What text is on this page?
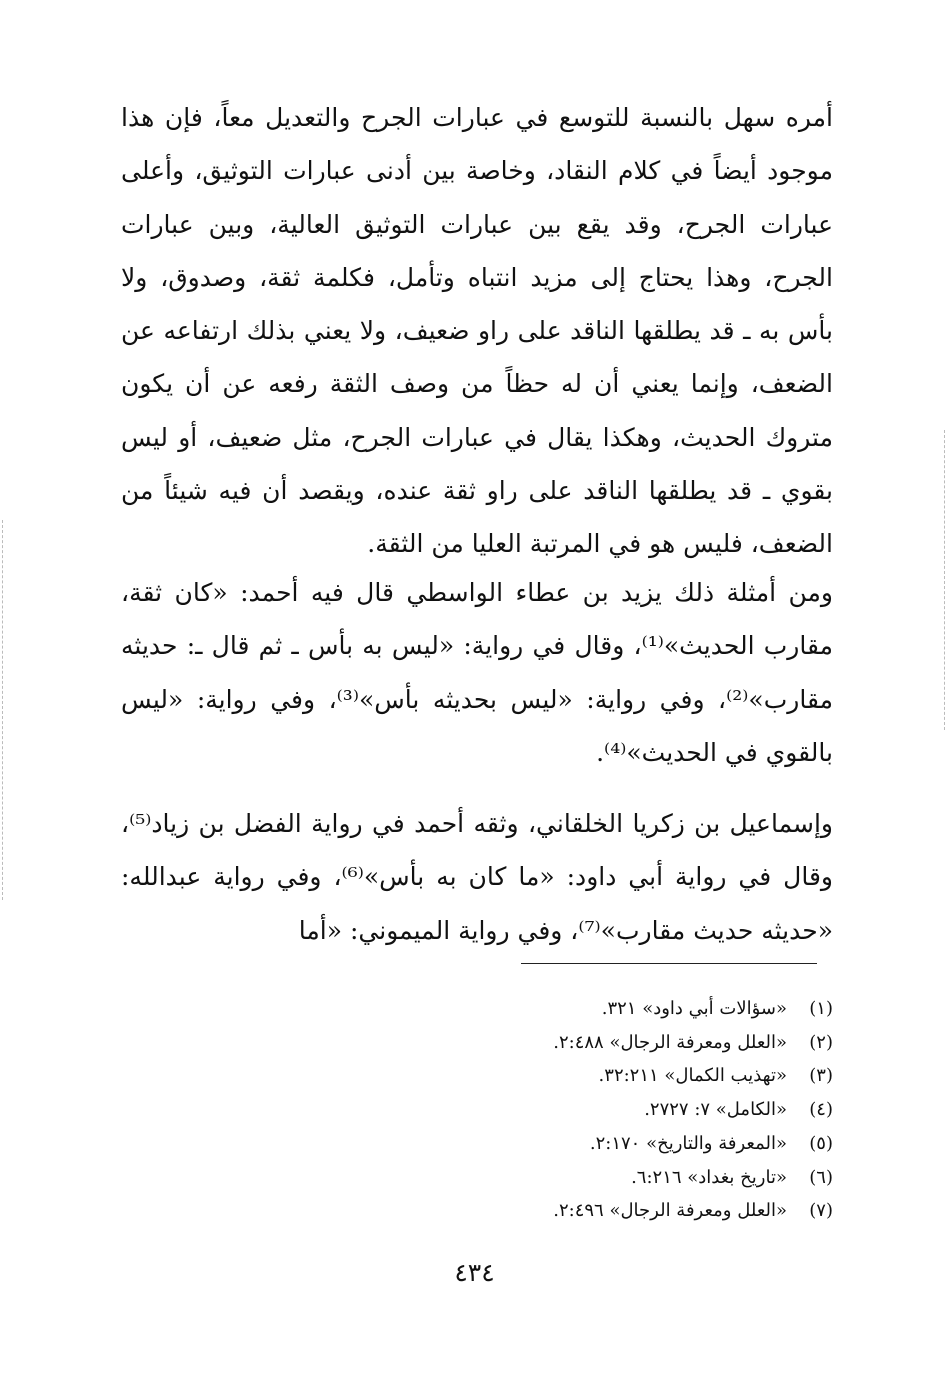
أمره سهل بالنسبة للتوسع في عبارات الجرح والتعديل معاً، فإن هذا موجود أيضاً في كلام النقاد، وخاصة بين أدنى عبارات التوثيق، وأعلى عبارات الجرح، وقد يقع بين عبارات التوثيق العالية، وبين عبارات الجرح، وهذا يحتاج إلى مزيد انتباه وتأمل، فكلمة ثقة، وصدوق، ولا بأس به ـ قد يطلقها الناقد على راو ضعيف، ولا يعني بذلك ارتفاعه عن الضعف، وإنما يعني أن له حظاً من وصف الثقة رفعه عن أن يكون متروك الحديث، وهكذا يقال في عبارات الجرح، مثل ضعيف، أو ليس بقوي ـ قد يطلقها الناقد على راو ثقة عنده، ويقصد أن فيه شيئاً من الضعف، فليس هو في المرتبة العليا من الثقة.

ومن أمثلة ذلك يزيد بن عطاء الواسطي قال فيه أحمد: «كان ثقة، مقارب الحديث»⁽¹⁾، وقال في رواية: «ليس به بأس ـ ثم قال ـ: حديثه مقارب»⁽²⁾، وفي رواية: «ليس بحديثه بأس»⁽³⁾، وفي رواية: «ليس بالقوي في الحديث»⁽⁴⁾.

وإسماعيل بن زكريا الخلقاني، وثقه أحمد في رواية الفضل بن زياد⁽⁵⁾، وقال في رواية أبي داود: «ما كان به بأس»⁽⁶⁾، وفي رواية عبدالله: «حديثه حديث مقارب»⁽⁷⁾، وفي رواية الميموني: «أما

(١)«سؤالات أبي داود» ٣٢١.
(٢)«العلل ومعرفة الرجال» ٢:٤٨٨.
(٣)«تهذيب الكمال» ٣٢:٢١١.
(٤)«الكامل» ٧: ٢٧٢٧.
(٥)«المعرفة والتاريخ» ٢:١٧٠.
(٦)«تاريخ بغداد» ٦:٢١٦.
(٧)«العلل ومعرفة الرجال» ٢:٤٩٦.
٤٣٤
